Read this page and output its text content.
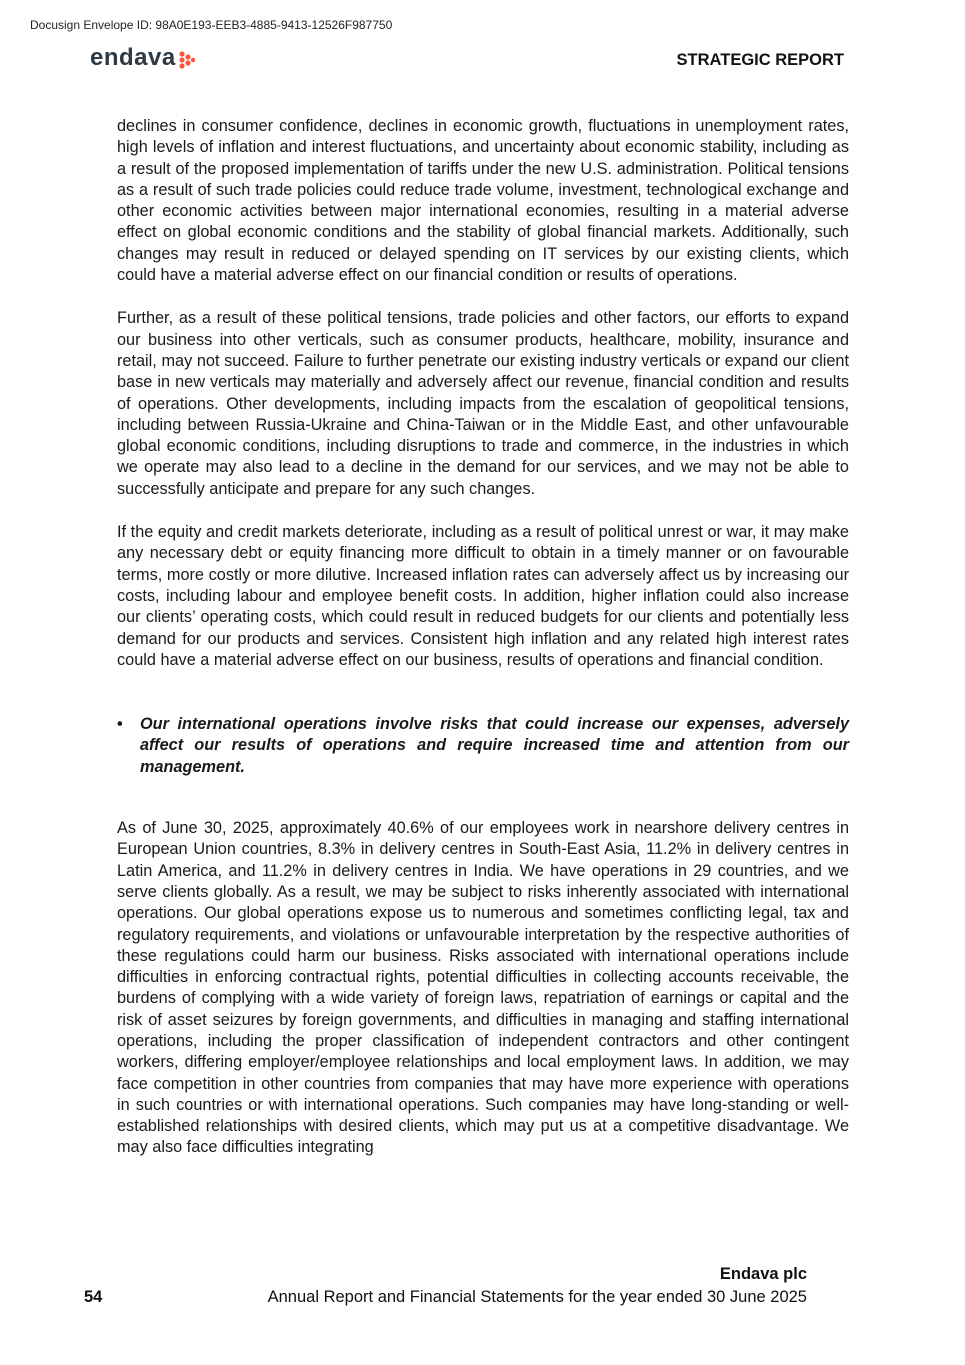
Docusign Envelope ID: 98A0E193-EEB3-4885-9413-12526F987750
endava	STRATEGIC REPORT

declines in consumer confidence, declines in economic growth, fluctuations in unemployment rates, high levels of inflation and interest fluctuations, and uncertainty about economic stability, including as a result of the proposed implementation of tariffs under the new U.S. administration. Political tensions as a result of such trade policies could reduce trade volume, investment, technological exchange and other economic activities between major international economies, resulting in a material adverse effect on global economic conditions and the stability of global financial markets. Additionally, such changes may result in reduced or delayed spending on IT services by our existing clients, which could have a material adverse effect on our financial condition or results of operations.

Further, as a result of these political tensions, trade policies and other factors, our efforts to expand our business into other verticals, such as consumer products, healthcare, mobility, insurance and retail, may not succeed. Failure to further penetrate our existing industry verticals or expand our client base in new verticals may materially and adversely affect our revenue, financial condition and results of operations. Other developments, including impacts from the escalation of geopolitical tensions, including between Russia-Ukraine and China-Taiwan or in the Middle East, and other unfavourable global economic conditions, including disruptions to trade and commerce, in the industries in which we operate may also lead to a decline in the demand for our services, and we may not be able to successfully anticipate and prepare for any such changes.

If the equity and credit markets deteriorate, including as a result of political unrest or war, it may make any necessary debt or equity financing more difficult to obtain in a timely manner or on favourable terms, more costly or more dilutive. Increased inflation rates can adversely affect us by increasing our costs, including labour and employee benefit costs. In addition, higher inflation could also increase our clients’ operating costs, which could result in reduced budgets for our clients and potentially less demand for our products and services. Consistent high inflation and any related high interest rates could have a material adverse effect on our business, results of operations and financial condition.

•	Our international operations involve risks that could increase our expenses, adversely affect our results of operations and require increased time and attention from our management.

As of June 30, 2025, approximately 40.6% of our employees work in nearshore delivery centres in European Union countries, 8.3% in delivery centres in South-East Asia, 11.2% in delivery centres in Latin America, and 11.2% in delivery centres in India. We have operations in 29 countries, and we serve clients globally. As a result, we may be subject to risks inherently associated with international operations. Our global operations expose us to numerous and sometimes conflicting legal, tax and regulatory requirements, and violations or unfavourable interpretation by the respective authorities of these regulations could harm our business. Risks associated with international operations include difficulties in enforcing contractual rights, potential difficulties in collecting accounts receivable, the burdens of complying with a wide variety of foreign laws, repatriation of earnings or capital and the risk of asset seizures by foreign governments, and difficulties in managing and staffing international operations, including the proper classification of independent contractors and other contingent workers, differing employer/employee relationships and local employment laws. In addition, we may face competition in other countries from companies that may have more experience with operations in such countries or with international operations. Such companies may have long-standing or well-established relationships with desired clients, which may put us at a competitive disadvantage. We may also face difficulties integrating

Endava plc
54	Annual Report and Financial Statements for the year ended 30 June 2025
